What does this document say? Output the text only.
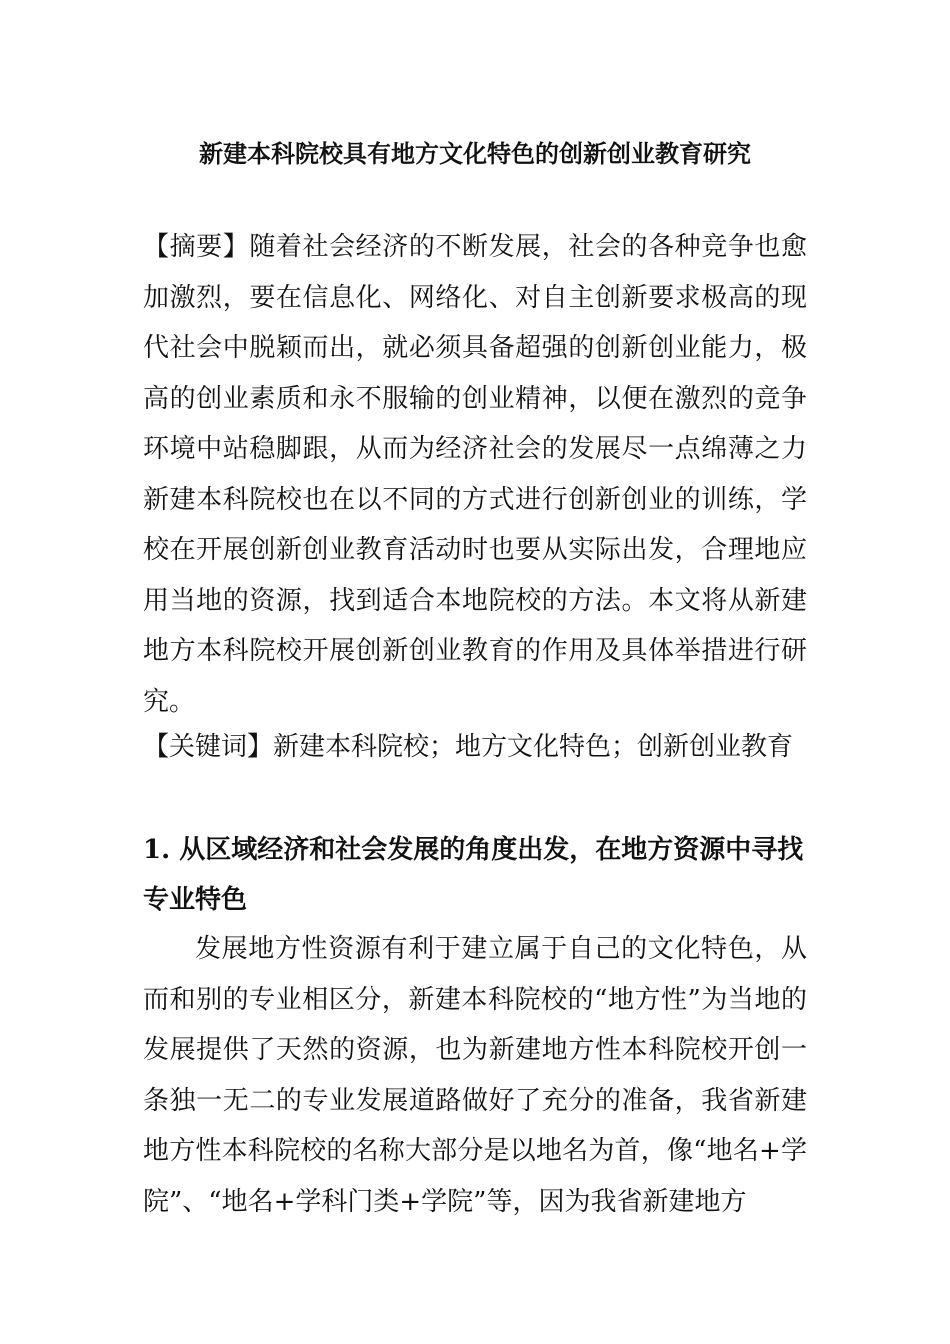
新建本科院校具有地方文化特色的创新创业教育研究
【摘要】随着社会经济的不断发展，社会的各种竞争也愈加激烈，要在信息化、网络化、对自主创新要求极高的现代社会中脱颖而出，就必须具备超强的创新创业能力，极高的创业素质和永不服输的创业精神，以便在激烈的竞争环境中站稳脚跟，从而为经济社会的发展尽一点绵薄之力新建本科院校也在以不同的方式进行创新创业的训练，学校在开展创新创业教育活动时也要从实际出发，合理地应用当地的资源，找到适合本地院校的方法。本文将从新建地方本科院校开展创新创业教育的作用及具体举措进行研究。
【关键词】新建本科院校；地方文化特色；创新创业教育
1. 从区域经济和社会发展的角度出发，在地方资源中寻找专业特色
发展地方性资源有利于建立属于自己的文化特色，从而和别的专业相区分，新建本科院校的“地方性”为当地的发展提供了天然的资源，也为新建地方性本科院校开创一条独一无二的专业发展道路做好了充分的准备，我省新建地方性本科院校的名称大部分是以地名为首，像“地名+学院”、“地名+学科门类+学院”等，因为我省新建地方
